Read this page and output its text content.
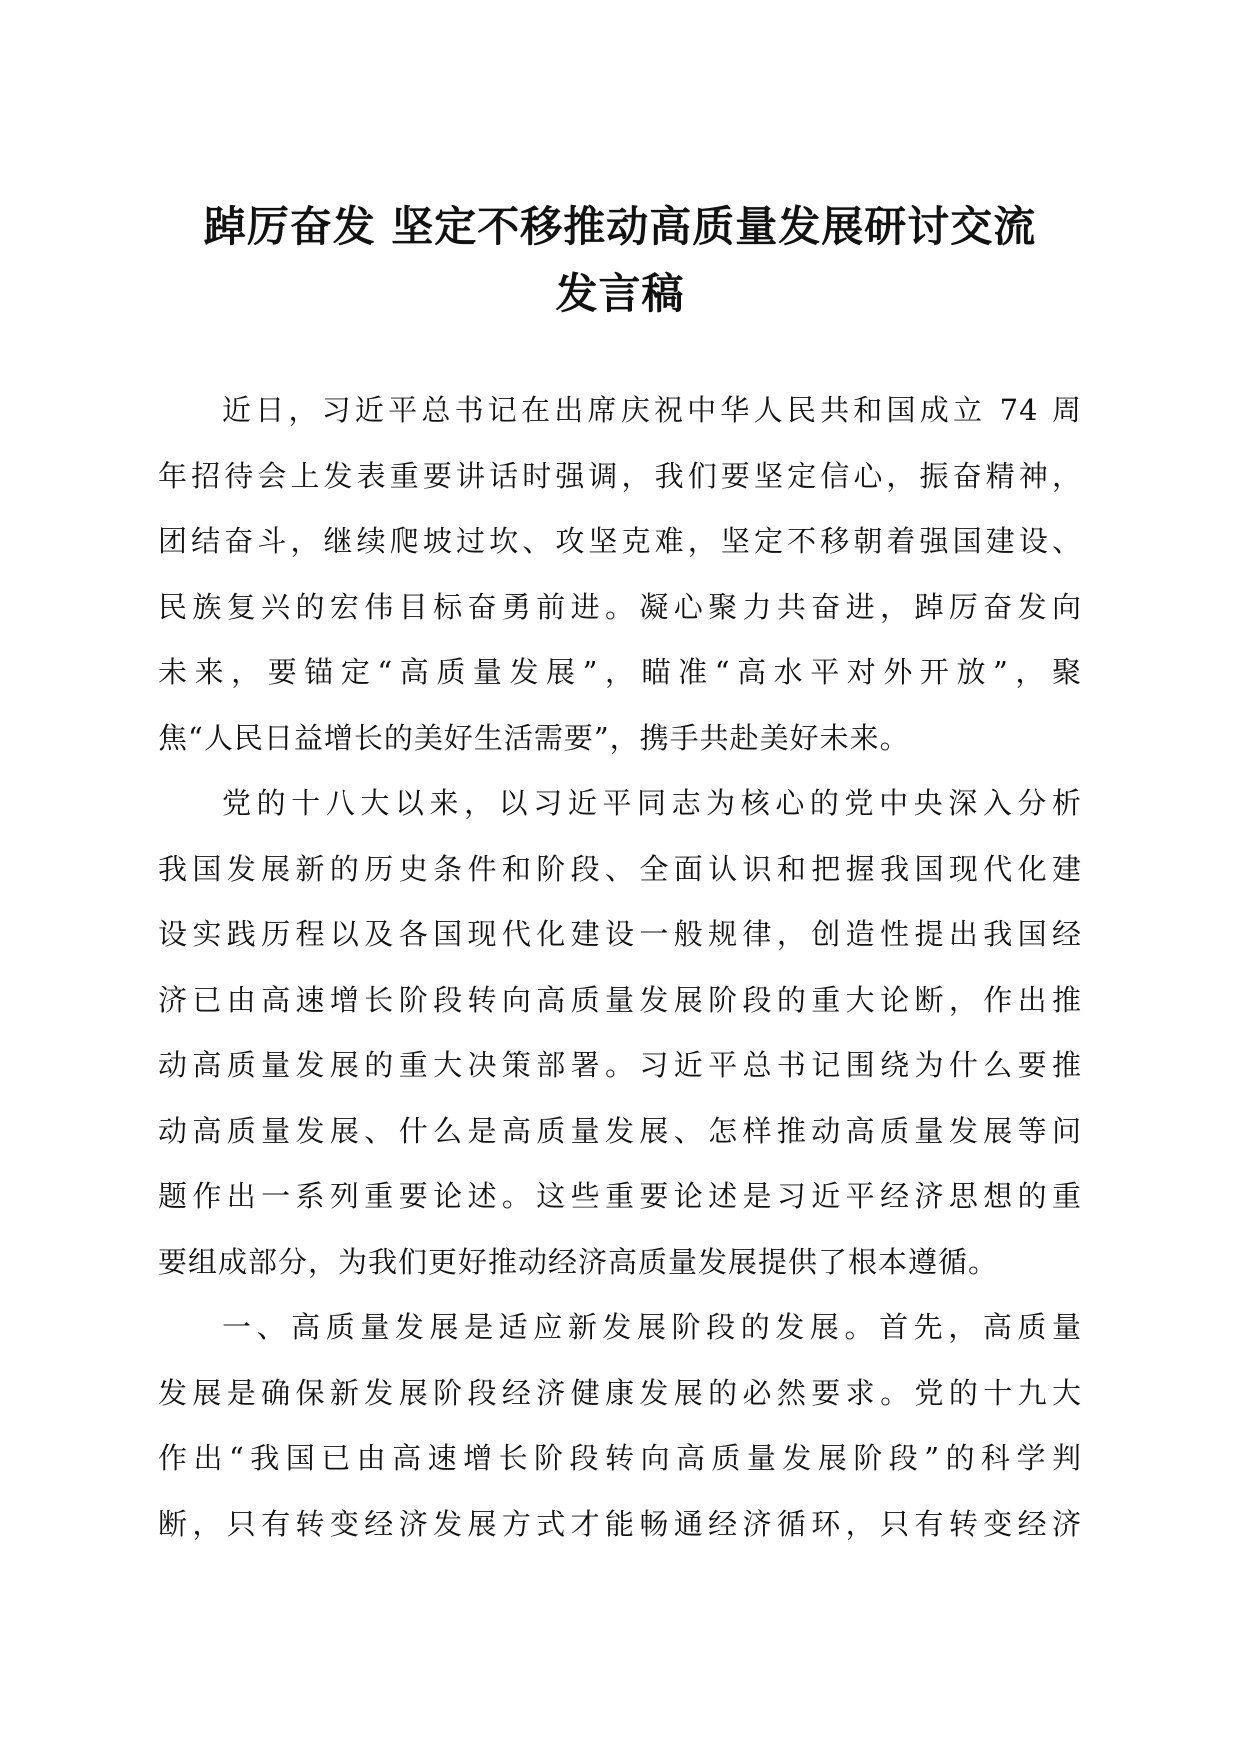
踔厉奋发 坚定不移推动高质量发展研讨交流
发言稿
近日，习近平总书记在出席庆祝中华人民共和国成立 74 周
年招待会上发表重要讲话时强调，我们要坚定信心，振奋精神，
团结奋斗，继续爬坡过坎、攻坚克难，坚定不移朝着强国建设、
民族复兴的宏伟目标奋勇前进。凝心聚力共奋进，踔厉奋发向
未来，要锚定“高质量发展”，瞄准“高水平对外开放”，聚
焦“人民日益增长的美好生活需要”，携手共赴美好未来。
党的十八大以来，以习近平同志为核心的党中央深入分析
我国发展新的历史条件和阶段、全面认识和把握我国现代化建
设实践历程以及各国现代化建设一般规律，创造性提出我国经
济已由高速增长阶段转向高质量发展阶段的重大论断，作出推
动高质量发展的重大决策部署。习近平总书记围绕为什么要推
动高质量发展、什么是高质量发展、怎样推动高质量发展等问
题作出一系列重要论述。这些重要论述是习近平经济思想的重
要组成部分，为我们更好推动经济高质量发展提供了根本遵循。
一、高质量发展是适应新发展阶段的发展。首先，高质量
发展是确保新发展阶段经济健康发展的必然要求。党的十九大
作出“我国已由高速增长阶段转向高质量发展阶段”的科学判
断，只有转变经济发展方式才能畅通经济循环，只有转变经济
